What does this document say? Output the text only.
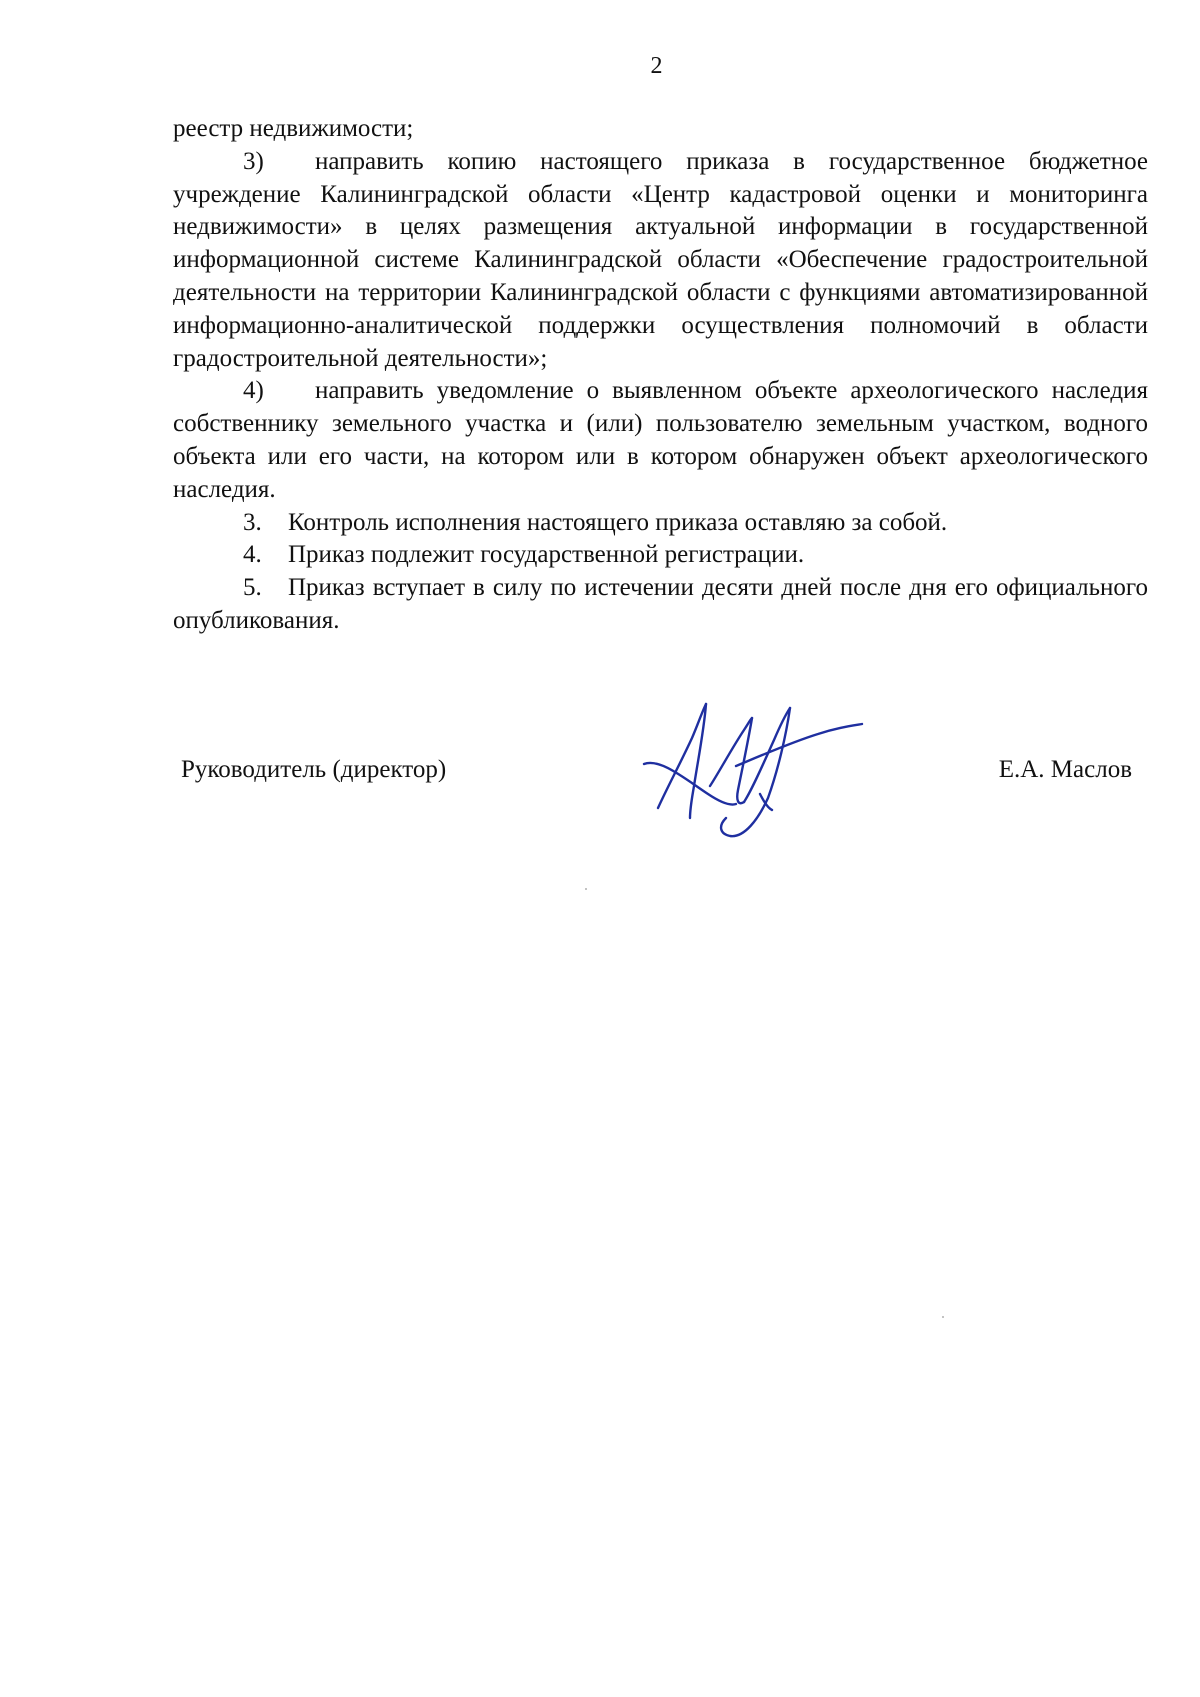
2

реестр недвижимости;

3) направить копию настоящего приказа в государственное бюджетное учреждение Калининградской области «Центр кадастровой оценки и мониторинга недвижимости» в целях размещения актуальной информации в государственной информационной системе Калининградской области «Обеспечение градостроительной деятельности на территории Калининградской области с функциями автоматизированной информационно-аналитической поддержки осуществления полномочий в области градостроительной деятельности»;

4) направить уведомление о выявленном объекте археологического наследия собственнику земельного участка и (или) пользователю земельным участком, водного объекта или его части, на котором или в котором обнаружен объект археологического наследия.

3. Контроль исполнения настоящего приказа оставляю за собой.

4. Приказ подлежит государственной регистрации.

5. Приказ вступает в силу по истечении десяти дней после дня его официального опубликования.

Руководитель (директор)	Е.А. Маслов
